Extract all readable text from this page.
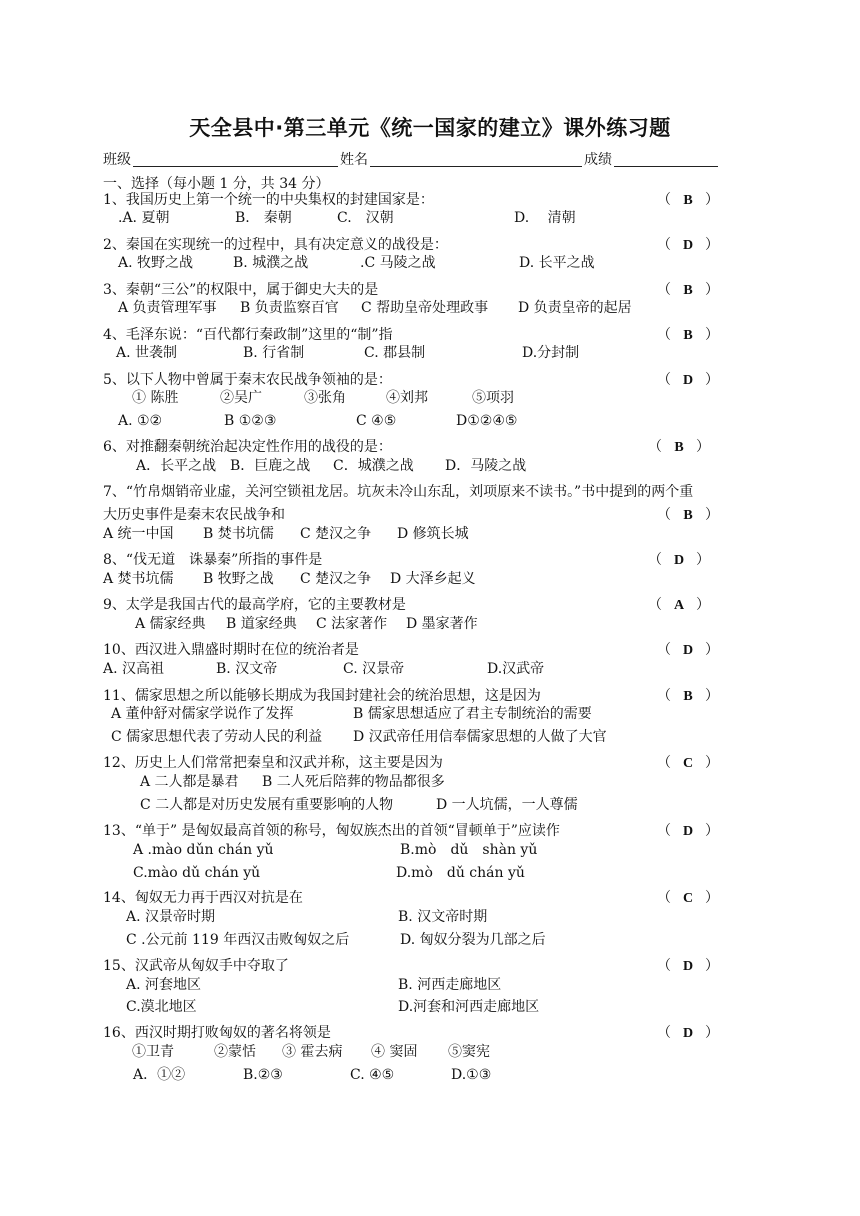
天全县中·第三单元《统一国家的建立》课外练习题
班级	姓名	成绩
一、选择（每小题 1 分，共 34 分）
1、我国历史上第一个统一的中央集权的封建国家是：	（ B ）
.A. 夏朝	B.　秦朝	C.　汉朝	D.　 清朝
2、秦国在实现统一的过程中，具有决定意义的战役是：	（ D ）
A. 牧野之战	B. 城濮之战	.C 马陵之战	D. 长平之战
3、秦朝“三公”的权限中，属于御史大夫的是	（ B ）
A 负责管理军事 B 负责监察百官 C 帮助皇帝处理政事 D 负责皇帝的起居
4、毛泽东说：“百代都行秦政制”这里的“制”指	（ B ）
A. 世袭制	B. 行省制	C. 郡县制	D.分封制
5、以下人物中曾属于秦末农民战争领袖的是：	（ D ）
① 陈胜	②吴广	③张角	④刘邦	⑤项羽
A. ①②	B ①②③	C ④⑤	D①②④⑤
6、对推翻秦朝统治起决定性作用的战役的是：	（ B ）
A．长平之战 B．巨鹿之战 C．城濮之战 D．马陵之战
7、“竹帛烟销帝业虚，关河空锁祖龙居。坑灰未冷山东乱，刘项原来不读书。”书中提到的两个重
大历史事件是秦末农民战争和	（ B ）
A 统一中国 B 焚书坑儒 C 楚汉之争 D 修筑长城
8、“伐无道　诛暴秦”所指的事件是	（ D ）
A 焚书坑儒 B 牧野之战 C 楚汉之争 D 大泽乡起义
9、太学是我国古代的最高学府，它的主要教材是	（ A ）
A 儒家经典 B 道家经典 C 法家著作 D 墨家著作
10、西汉进入鼎盛时期时在位的统治者是	（ D ）
A. 汉高祖	B. 汉文帝	C. 汉景帝	D.汉武帝
11、儒家思想之所以能够长期成为我国封建社会的统治思想，这是因为	（ B ）
A 董仲舒对儒家学说作了发挥	B 儒家思想适应了君主专制统治的需要
C 儒家思想代表了劳动人民的利益 D 汉武帝任用信奉儒家思想的人做了大官
12、历史上人们常常把秦皇和汉武并称，这主要是因为	（ C ）
A 二人都是暴君 B 二人死后陪葬的物品都很多
C 二人都是对历史发展有重要影响的人物	D 一人坑儒，一人尊儒
13、“单于” 是匈奴最高首领的称号，匈奴族杰出的首领“冒顿单于”应读作	（ D ）
A .mào dǔn chán yǔ	B.mò　dǔ　shàn yǔ
C.mào dǔ chán yǔ	D.mò　dǔ chán yǔ
14、匈奴无力再于西汉对抗是在	（ C ）
A. 汉景帝时期	B. 汉文帝时期
C .公元前 119 年西汉击败匈奴之后	D. 匈奴分裂为几部之后
15、汉武帝从匈奴手中夺取了	（ D ）
A. 河套地区	B. 河西走廊地区
C.漠北地区	D.河套和河西走廊地区
16、西汉时期打败匈奴的著名将领是	（ D ）
①卫青	②蒙恬 ③ 霍去病 ④ 窦固 ⑤窦宪
A．①②	B.②③	C. ④⑤	D.①③
